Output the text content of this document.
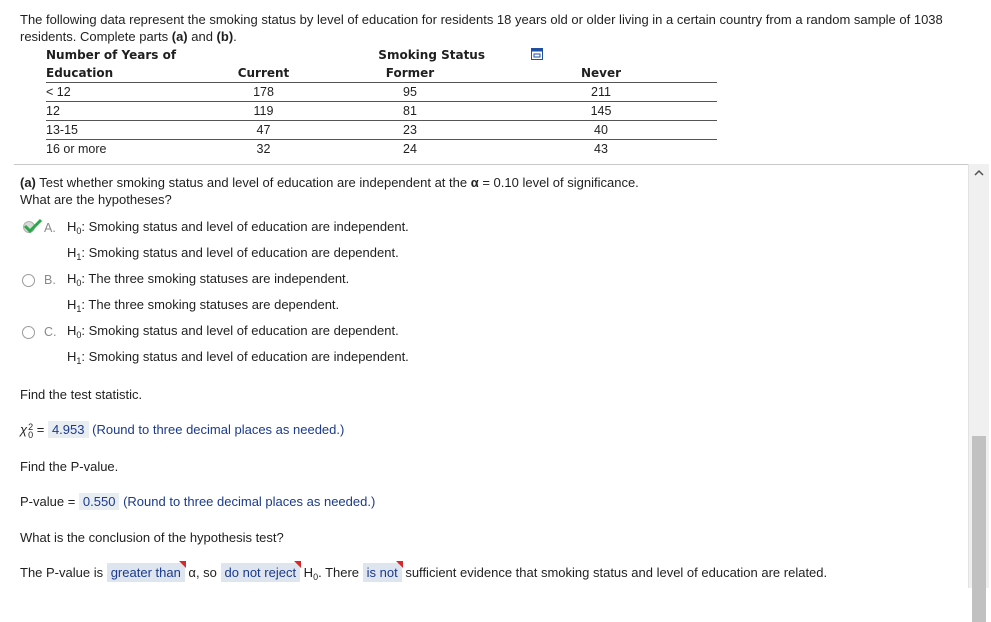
The following data represent the smoking status by level of education for residents 18 years old or older living in a certain country from a random sample of 1038 residents. Complete parts (a) and (b).
Number of Years of	Smoking Status		
Education	Current	Former	Never
< 12	178	95	211
12	119	81	145
13-15	47	23	40
16 or more	32	24	43
(a) Test whether smoking status and level of education are independent at the α = 0.10 level of significance.
What are the hypotheses?
A. $H_0$: Smoking status and level of education are independent.
$H_1$: Smoking status and level of education are dependent.
B. $H_0$: The three smoking statuses are independent.
$H_1$: The three smoking statuses are dependent.
C. $H_0$: Smoking status and level of education are dependent.
$H_1$: Smoking status and level of education are independent.
Find the test statistic.
χ 2
0 = 4.953 (Round to three decimal places as needed.)
Find the P-value.
P-value = 0.550 (Round to three decimal places as needed.)
What is the conclusion of the hypothesis test?
The P-value is greater than
α, so do not reject
$H_0$. There is not
sufficient evidence that smoking status and level of education are related.
